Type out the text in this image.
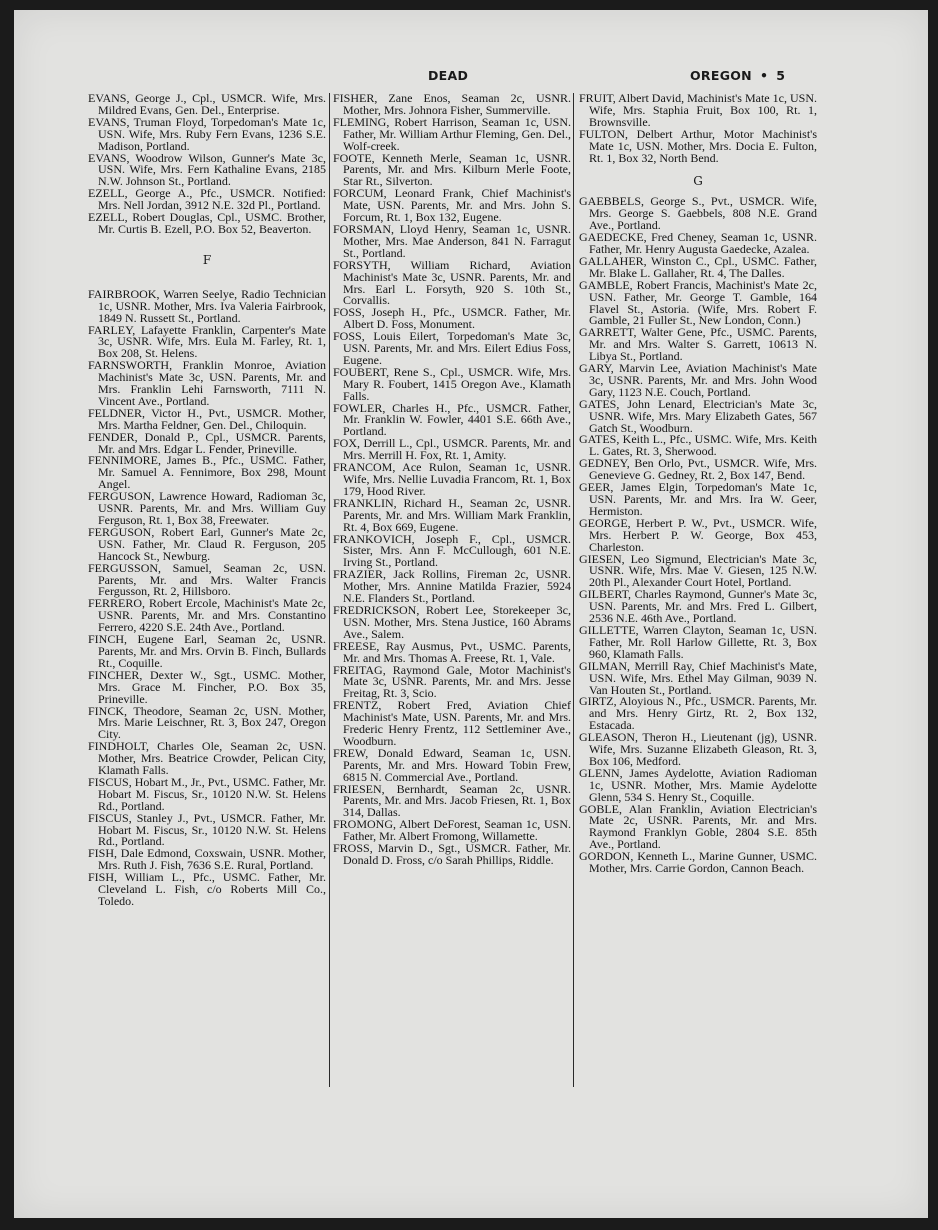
DEAD	OREGON • 5

EVANS, George J., Cpl., USMCR. Wife, Mrs. Mildred Evans, Gen. Del., Enterprise.

EVANS, Truman Floyd, Torpedoman's Mate 1c, USN. Wife, Mrs. Ruby Fern Evans, 1236 S.E. Madison, Portland.

EVANS, Woodrow Wilson, Gunner's Mate 3c, USN. Wife, Mrs. Fern Kathaline Evans, 2185 N.W. Johnson St., Portland.

EZELL, George A., Pfc., USMCR. Notified: Mrs. Nell Jordan, 3912 N.E. 32d Pl., Portland.

EZELL, Robert Douglas, Cpl., USMC. Brother, Mr. Curtis B. Ezell, P.O. Box 52, Beaverton.

F

FAIRBROOK, Warren Seelye, Radio Technician 1c, USNR. Mother, Mrs. Iva Valeria Fairbrook, 1849 N. Russett St., Portland.

FARLEY, Lafayette Franklin, Carpenter's Mate 3c, USNR. Wife, Mrs. Eula M. Farley, Rt. 1, Box 208, St. Helens.

FARNSWORTH, Franklin Monroe, Aviation Machinist's Mate 3c, USN. Parents, Mr. and Mrs. Franklin Lehi Farnsworth, 7111 N. Vincent Ave., Portland.

FELDNER, Victor H., Pvt., USMCR. Mother, Mrs. Martha Feldner, Gen. Del., Chiloquin.

FENDER, Donald P., Cpl., USMCR. Parents, Mr. and Mrs. Edgar L. Fender, Prineville.

FENNIMORE, James B., Pfc., USMC. Father, Mr. Samuel A. Fennimore, Box 298, Mount Angel.

FERGUSON, Lawrence Howard, Radioman 3c, USNR. Parents, Mr. and Mrs. William Guy Ferguson, Rt. 1, Box 38, Freewater.

FERGUSON, Robert Earl, Gunner's Mate 2c, USN. Father, Mr. Claud R. Ferguson, 205 Hancock St., Newburg.

FERGUSSON, Samuel, Seaman 2c, USN. Parents, Mr. and Mrs. Walter Francis Fergusson, Rt. 2, Hillsboro.

FERRERO, Robert Ercole, Machinist's Mate 2c, USNR. Parents, Mr. and Mrs. Constantino Ferrero, 4220 S.E. 24th Ave., Portland.

FINCH, Eugene Earl, Seaman 2c, USNR. Parents, Mr. and Mrs. Orvin B. Finch, Bullards Rt., Coquille.

FINCHER, Dexter W., Sgt., USMC. Mother, Mrs. Grace M. Fincher, P.O. Box 35, Prineville.

FINCK, Theodore, Seaman 2c, USN. Mother, Mrs. Marie Leischner, Rt. 3, Box 247, Oregon City.

FINDHOLT, Charles Ole, Seaman 2c, USN. Mother, Mrs. Beatrice Crowder, Pelican City, Klamath Falls.

FISCUS, Hobart M., Jr., Pvt., USMC. Father, Mr. Hobart M. Fiscus, Sr., 10120 N.W. St. Helens Rd., Portland.

FISCUS, Stanley J., Pvt., USMCR. Father, Mr. Hobart M. Fiscus, Sr., 10120 N.W. St. Helens Rd., Portland.

FISH, Dale Edmond, Coxswain, USNR. Mother, Mrs. Ruth J. Fish, 7636 S.E. Rural, Portland.

FISH, William L., Pfc., USMC. Father, Mr. Cleveland L. Fish, c/o Roberts Mill Co., Toledo.

FISHER, Zane Enos, Seaman 2c, USNR. Mother, Mrs. Johnora Fisher, Summerville.

FLEMING, Robert Harrison, Seaman 1c, USN. Father, Mr. William Arthur Fleming, Gen. Del., Wolf-creek.

FOOTE, Kenneth Merle, Seaman 1c, USNR. Parents, Mr. and Mrs. Kilburn Merle Foote, Star Rt., Silverton.

FORCUM, Leonard Frank, Chief Machinist's Mate, USN. Parents, Mr. and Mrs. John S. Forcum, Rt. 1, Box 132, Eugene.

FORSMAN, Lloyd Henry, Seaman 1c, USNR. Mother, Mrs. Mae Anderson, 841 N. Farragut St., Portland.

FORSYTH, William Richard, Aviation Machinist's Mate 3c, USNR. Parents, Mr. and Mrs. Earl L. Forsyth, 920 S. 10th St., Corvallis.

FOSS, Joseph H., Pfc., USMCR. Father, Mr. Albert D. Foss, Monument.

FOSS, Louis Eilert, Torpedoman's Mate 3c, USN. Parents, Mr. and Mrs. Eilert Edius Foss, Eugene.

FOUBERT, Rene S., Cpl., USMCR. Wife, Mrs. Mary R. Foubert, 1415 Oregon Ave., Klamath Falls.

FOWLER, Charles H., Pfc., USMCR. Father, Mr. Franklin W. Fowler, 4401 S.E. 66th Ave., Portland.

FOX, Derrill L., Cpl., USMCR. Parents, Mr. and Mrs. Merrill H. Fox, Rt. 1, Amity.

FRANCOM, Ace Rulon, Seaman 1c, USNR. Wife, Mrs. Nellie Luvadia Francom, Rt. 1, Box 179, Hood River.

FRANKLIN, Richard H., Seaman 2c, USNR. Parents, Mr. and Mrs. William Mark Franklin, Rt. 4, Box 669, Eugene.

FRANKOVICH, Joseph F., Cpl., USMCR. Sister, Mrs. Ann F. McCullough, 601 N.E. Irving St., Portland.

FRAZIER, Jack Rollins, Fireman 2c, USNR. Mother, Mrs. Annine Matilda Frazier, 5924 N.E. Flanders St., Portland.

FREDRICKSON, Robert Lee, Storekeeper 3c, USN. Mother, Mrs. Stena Justice, 160 Abrams Ave., Salem.

FREESE, Ray Ausmus, Pvt., USMC. Parents, Mr. and Mrs. Thomas A. Freese, Rt. 1, Vale.

FREITAG, Raymond Gale, Motor Machinist's Mate 3c, USNR. Parents, Mr. and Mrs. Jesse Freitag, Rt. 3, Scio.

FRENTZ, Robert Fred, Aviation Chief Machinist's Mate, USN. Parents, Mr. and Mrs. Frederic Henry Frentz, 112 Settleminer Ave., Woodburn.

FREW, Donald Edward, Seaman 1c, USN. Parents, Mr. and Mrs. Howard Tobin Frew, 6815 N. Commercial Ave., Portland.

FRIESEN, Bernhardt, Seaman 2c, USNR. Parents, Mr. and Mrs. Jacob Friesen, Rt. 1, Box 314, Dallas.

FROMONG, Albert DeForest, Seaman 1c, USN. Father, Mr. Albert Fromong, Willamette.

FROSS, Marvin D., Sgt., USMCR. Father, Mr. Donald D. Fross, c/o Sarah Phillips, Riddle.

FRUIT, Albert David, Machinist's Mate 1c, USN. Wife, Mrs. Staphia Fruit, Box 100, Rt. 1, Brownsville.

FULTON, Delbert Arthur, Motor Machinist's Mate 1c, USN. Mother, Mrs. Docia E. Fulton, Rt. 1, Box 32, North Bend.

G

GAEBBELS, George S., Pvt., USMCR. Wife, Mrs. George S. Gaebbels, 808 N.E. Grand Ave., Portland.

GAEDECKE, Fred Cheney, Seaman 1c, USNR. Father, Mr. Henry Augusta Gaedecke, Azalea.

GALLAHER, Winston C., Cpl., USMC. Father, Mr. Blake L. Gallaher, Rt. 4, The Dalles.

GAMBLE, Robert Francis, Machinist's Mate 2c, USN. Father, Mr. George T. Gamble, 164 Flavel St., Astoria. (Wife, Mrs. Robert F. Gamble, 21 Fuller St., New London, Conn.)

GARRETT, Walter Gene, Pfc., USMC. Parents, Mr. and Mrs. Walter S. Garrett, 10613 N. Libya St., Portland.

GARY, Marvin Lee, Aviation Machinist's Mate 3c, USNR. Parents, Mr. and Mrs. John Wood Gary, 1123 N.E. Couch, Portland.

GATES, John Lenard, Electrician's Mate 3c, USNR. Wife, Mrs. Mary Elizabeth Gates, 567 Gatch St., Woodburn.

GATES, Keith L., Pfc., USMC. Wife, Mrs. Keith L. Gates, Rt. 3, Sherwood.

GEDNEY, Ben Orlo, Pvt., USMCR. Wife, Mrs. Genevieve G. Gedney, Rt. 2, Box 147, Bend.

GEER, James Elgin, Torpedoman's Mate 1c, USN. Parents, Mr. and Mrs. Ira W. Geer, Hermiston.

GEORGE, Herbert P. W., Pvt., USMCR. Wife, Mrs. Herbert P. W. George, Box 453, Charleston.

GIESEN, Leo Sigmund, Electrician's Mate 3c, USNR. Wife, Mrs. Mae V. Giesen, 125 N.W. 20th Pl., Alexander Court Hotel, Portland.

GILBERT, Charles Raymond, Gunner's Mate 3c, USN. Parents, Mr. and Mrs. Fred L. Gilbert, 2536 N.E. 46th Ave., Portland.

GILLETTE, Warren Clayton, Seaman 1c, USN. Father, Mr. Roll Harlow Gillette, Rt. 3, Box 960, Klamath Falls.

GILMAN, Merrill Ray, Chief Machinist's Mate, USN. Wife, Mrs. Ethel May Gilman, 9039 N. Van Houten St., Portland.

GIRTZ, Aloyious N., Pfc., USMCR. Parents, Mr. and Mrs. Henry Girtz, Rt. 2, Box 132, Estacada.

GLEASON, Theron H., Lieutenant (jg), USNR. Wife, Mrs. Suzanne Elizabeth Gleason, Rt. 3, Box 106, Medford.

GLENN, James Aydelotte, Aviation Radioman 1c, USNR. Mother, Mrs. Mamie Aydelotte Glenn, 534 S. Henry St., Coquille.

GOBLE, Alan Franklin, Aviation Electrician's Mate 2c, USNR. Parents, Mr. and Mrs. Raymond Franklyn Goble, 2804 S.E. 85th Ave., Portland.

GORDON, Kenneth L., Marine Gunner, USMC. Mother, Mrs. Carrie Gordon, Cannon Beach.
